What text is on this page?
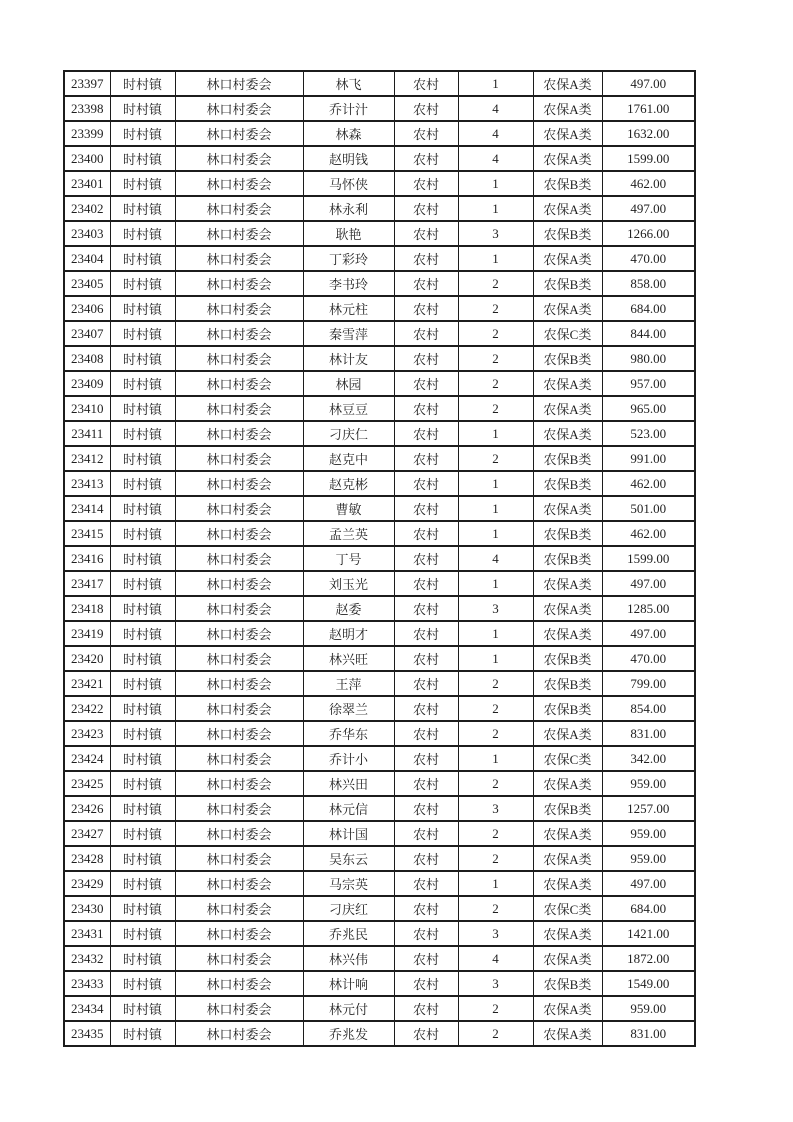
23397	时村镇	林口村委会	林飞	农村	1	农保A类	497.00
23398	时村镇	林口村委会	乔计汁	农村	4	农保A类	1761.00
23399	时村镇	林口村委会	林森	农村	4	农保A类	1632.00
23400	时村镇	林口村委会	赵明钱	农村	4	农保A类	1599.00
23401	时村镇	林口村委会	马怀侠	农村	1	农保B类	462.00
23402	时村镇	林口村委会	林永利	农村	1	农保A类	497.00
23403	时村镇	林口村委会	耿艳	农村	3	农保B类	1266.00
23404	时村镇	林口村委会	丁彩玲	农村	1	农保A类	470.00
23405	时村镇	林口村委会	李书玲	农村	2	农保B类	858.00
23406	时村镇	林口村委会	林元柱	农村	2	农保A类	684.00
23407	时村镇	林口村委会	秦雪萍	农村	2	农保C类	844.00
23408	时村镇	林口村委会	林计友	农村	2	农保B类	980.00
23409	时村镇	林口村委会	林园	农村	2	农保A类	957.00
23410	时村镇	林口村委会	林豆豆	农村	2	农保A类	965.00
23411	时村镇	林口村委会	刁庆仁	农村	1	农保A类	523.00
23412	时村镇	林口村委会	赵克中	农村	2	农保B类	991.00
23413	时村镇	林口村委会	赵克彬	农村	1	农保B类	462.00
23414	时村镇	林口村委会	曹敏	农村	1	农保A类	501.00
23415	时村镇	林口村委会	孟兰英	农村	1	农保B类	462.00
23416	时村镇	林口村委会	丁号	农村	4	农保B类	1599.00
23417	时村镇	林口村委会	刘玉光	农村	1	农保A类	497.00
23418	时村镇	林口村委会	赵委	农村	3	农保A类	1285.00
23419	时村镇	林口村委会	赵明才	农村	1	农保A类	497.00
23420	时村镇	林口村委会	林兴旺	农村	1	农保B类	470.00
23421	时村镇	林口村委会	王萍	农村	2	农保B类	799.00
23422	时村镇	林口村委会	徐翠兰	农村	2	农保B类	854.00
23423	时村镇	林口村委会	乔华东	农村	2	农保A类	831.00
23424	时村镇	林口村委会	乔计小	农村	1	农保C类	342.00
23425	时村镇	林口村委会	林兴田	农村	2	农保A类	959.00
23426	时村镇	林口村委会	林元信	农村	3	农保B类	1257.00
23427	时村镇	林口村委会	林计国	农村	2	农保A类	959.00
23428	时村镇	林口村委会	吴东云	农村	2	农保A类	959.00
23429	时村镇	林口村委会	马宗英	农村	1	农保A类	497.00
23430	时村镇	林口村委会	刁庆红	农村	2	农保C类	684.00
23431	时村镇	林口村委会	乔兆民	农村	3	农保A类	1421.00
23432	时村镇	林口村委会	林兴伟	农村	4	农保A类	1872.00
23433	时村镇	林口村委会	林计响	农村	3	农保B类	1549.00
23434	时村镇	林口村委会	林元付	农村	2	农保A类	959.00
23435	时村镇	林口村委会	乔兆发	农村	2	农保A类	831.00
